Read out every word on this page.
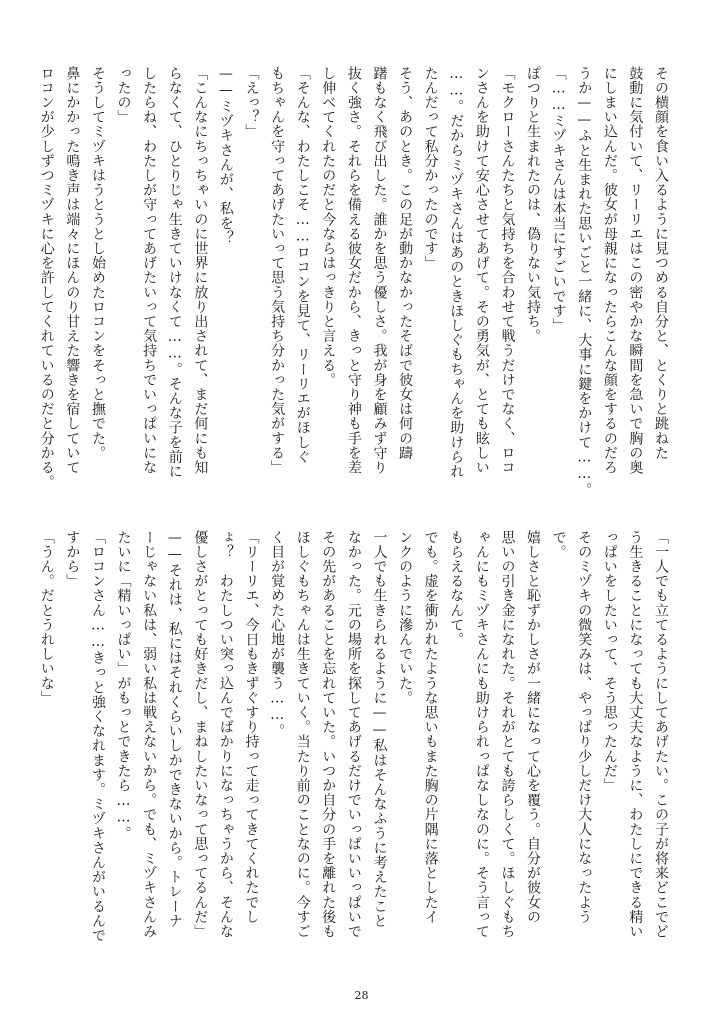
その横顔を食い入るように見つめる自分と、とくりと跳ねた
鼓動に気付いて、リーリエはこの密やかな瞬間を急いで胸の奥
にしまい込んだ。彼女が母親になったらこんな顔をするのだろ
うか——ふと生まれた思いごと一緒に、大事に鍵をかけて……。
「……ミヅキさんは本当にすごいです」
ぽつりと生まれたのは、偽りない気持ち。
「モクローさんたちと気持ちを合わせて戦うだけでなく、ロコ
ンさんを助けて安心させてあげて。その勇気が、とても眩しい
……。だからミヅキさんはあのときほしぐもちゃんを助けられ
たんだって私分かったのです」
そう、あのとき。この足が動かなかったそばで彼女は何の躊
躇もなく飛び出した。誰かを思う優しさ。我が身を顧みず守り
抜く強さ。それらを備える彼女だから、きっと守り神も手を差
し伸べてくれたのだと今ならはっきりと言える。
「そんな、わたしこそ……ロコンを見て、リーリエがほしぐ
もちゃんを守ってあげたいって思う気持ち分かった気がする」
「えっ？」
——ミヅキさんが、私を？
「こんなにちっちゃいのに世界に放り出されて、まだ何にも知
らなくて、ひとりじゃ生きていけなくて……。そんな子を前に
したらね、わたしが守ってあげたいって気持ちでいっぱいにな
ったの」
そうしてミヅキはうとうとし始めたロコンをそっと撫でた。
鼻にかかった鳴き声は端々にほんのり甘えた響きを宿していて
ロコンが少しずつミヅキに心を許してくれているのだと分かる。
「一人でも立てるようにしてあげたい。この子が将来どこでど
う生きることになっても大丈夫なように、わたしにできる精い
っぱいをしたいって、そう思ったんだ」
そのミヅキの微笑みは、やっぱり少しだけ大人になったよう
で。
嬉しさと恥ずかしさが一緒になって心を覆う。自分が彼女の
思いの引き金になれた。それがとても誇らしくて。ほしぐもち
ゃんにもミヅキさんにも助けられっぱなしなのに。そう言って
もらえるなんて。
でも。虚を衝かれたような思いもまた胸の片隅に落としたイ
ンクのように滲んでいた。
一人でも生きられるように——私はそんなふうに考えたこと
なかった。元の場所を探してあげるだけでいっぱいいっぱいで
その先があることを忘れていた。いつか自分の手を離れた後も
ほしぐもちゃんは生きていく。当たり前のことなのに。今すご
く目が覚めた心地が襲う……。
「リーリエ、今日もきずぐすり持って走ってきてくれたでし
ょ？　わたしつい突っ込んでばかりになっちゃうから、そんな
優しさがとっても好きだし、まねしたいなって思ってるんだ」
——それは、私にはそれくらいしかできないから。トレーナ
ーじゃない私は、弱い私は戦えないから。でも、ミヅキさんみ
たいに「精いっぱい」がもっとできたら……。
「ロコンさん……きっと強くなれます。ミヅキさんがいるんで
すから」
「うん。だとうれしいな」
28
